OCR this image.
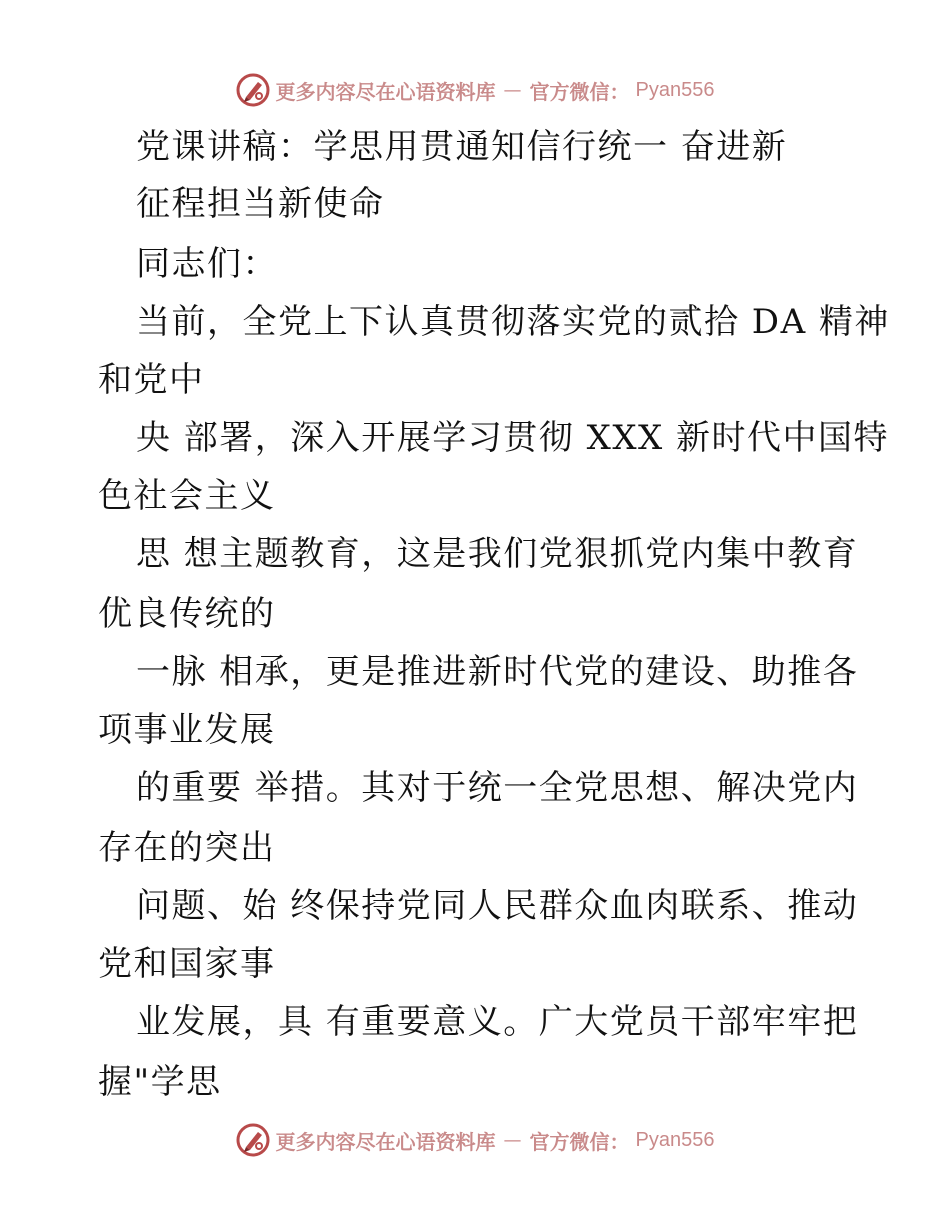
更多内容尽在心语资料库 — 官方微信： Pyan556
党课讲稿：学思用贯通知信行统一 奋进新
征程担当新使命
同志们：
当前，全党上下认真贯彻落实党的贰拾 DA 精神
和党中
央 部署，深入开展学习贯彻 XXX 新时代中国特
色社会主义
思 想主题教育，这是我们党狠抓党内集中教育
优良传统的
一脉 相承，更是推进新时代党的建设、助推各
项事业发展
的重要 举措。其对于统一全党思想、解决党内
存在的突出
问题、始 终保持党同人民群众血肉联系、推动
党和国家事
业发展，具 有重要意义。广大党员干部牢牢把
握"学思
更多内容尽在心语资料库 — 官方微信： Pyan556
